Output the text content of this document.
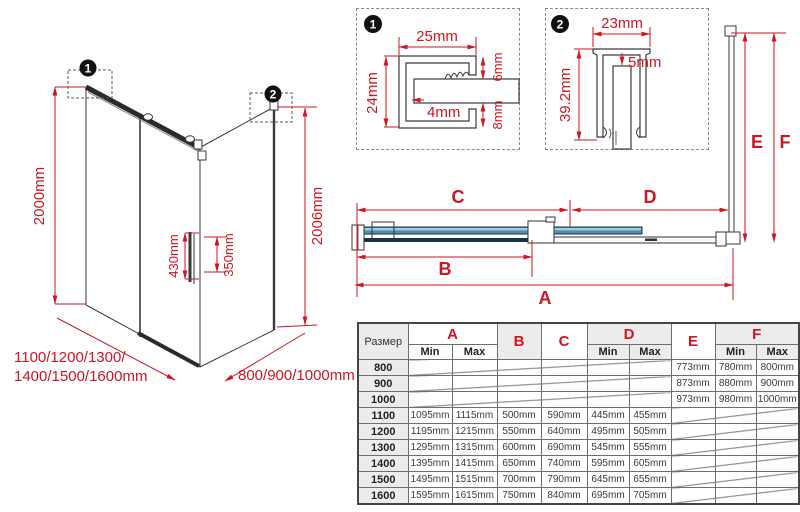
1
2
2000mm
430mm	350mm
2006mm
1100/1200/1300/
1400/1500/1600mm	800/900/1000mm
1
25mm
24mm	4mm
6mm
8mm
2	23mm
5mm
39.2mm
C	D
B
A
E F
Размер	A		B	C	D		E	F	
	Min	Max			Min	Max		Min	Max
800							773mm	780mm	800mm
900							873mm	880mm	900mm
1000							973mm	980mm	1000mm
1100	1095mm	1115mm	500mm	590mm	445mm	455mm			

1200	1195mm	1215mm	550mm	640mm	495mm	505mm			

1300	1295mm	1315mm	600mm	690mm	545mm	555mm			

1400	1395mm	1415mm	650mm	740mm	595mm	605mm			

1500	1495mm	1515mm	700mm	790mm	645mm	655mm			

1600	1595mm	1615mm	750mm	840mm	695mm	705mm			
